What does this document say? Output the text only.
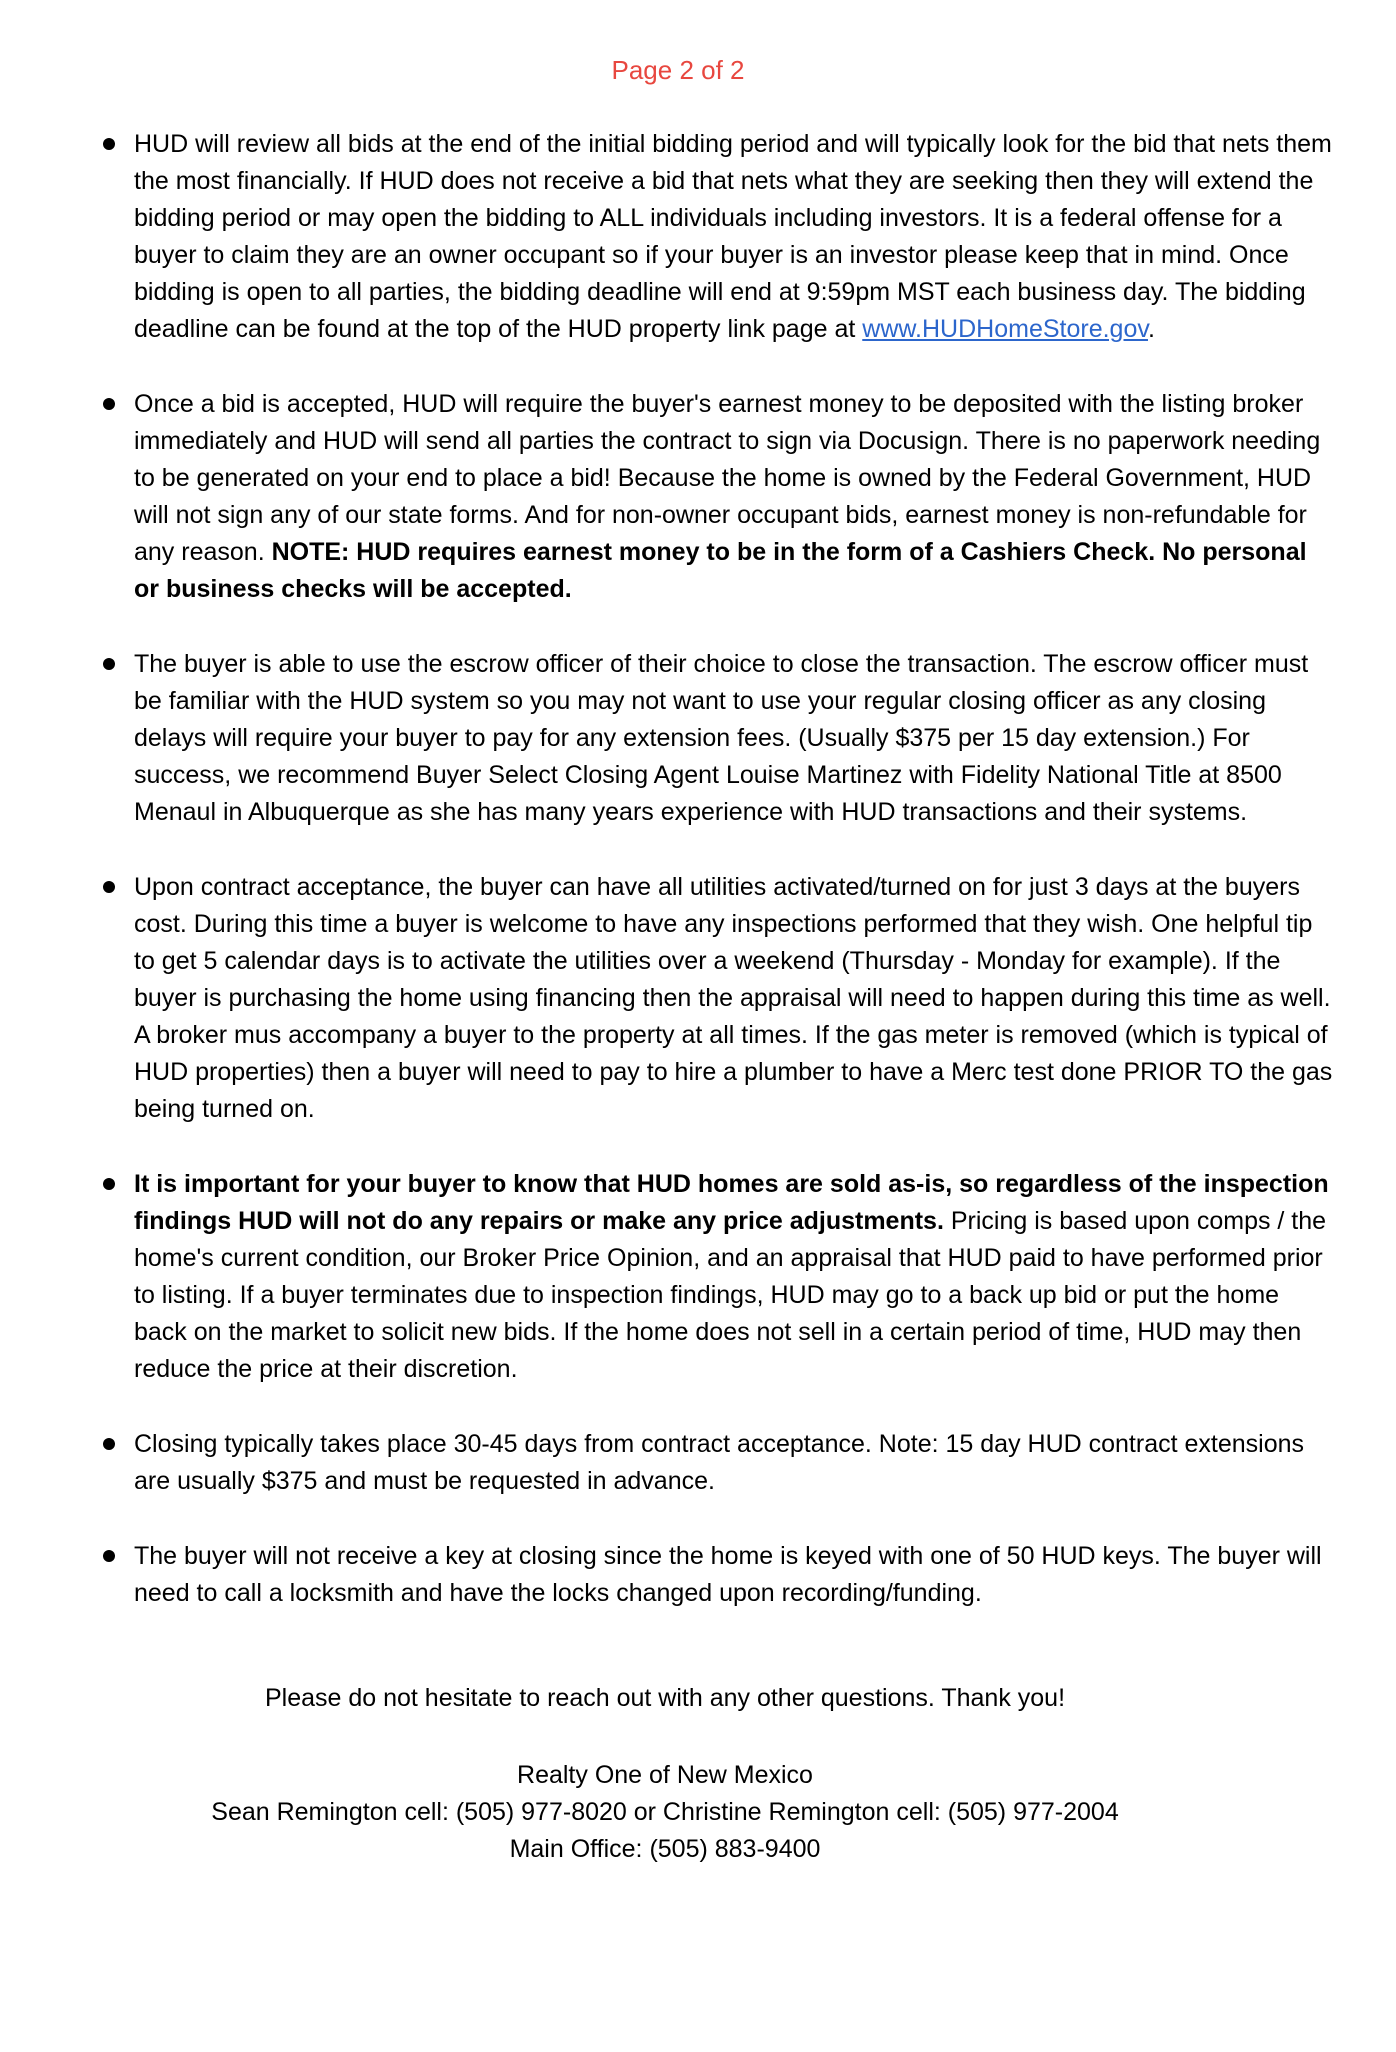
Page 2 of 2
HUD will review all bids at the end of the initial bidding period and will typically look for the bid that nets them the most financially. If HUD does not receive a bid that nets what they are seeking then they will extend the bidding period or may open the bidding to ALL individuals including investors. It is a federal offense for a buyer to claim they are an owner occupant so if your buyer is an investor please keep that in mind. Once bidding is open to all parties, the bidding deadline will end at 9:59pm MST each business day. The bidding deadline can be found at the top of the HUD property link page at www.HUDHomeStore.gov.
Once a bid is accepted, HUD will require the buyer's earnest money to be deposited with the listing broker immediately and HUD will send all parties the contract to sign via Docusign. There is no paperwork needing to be generated on your end to place a bid! Because the home is owned by the Federal Government, HUD will not sign any of our state forms. And for non-owner occupant bids, earnest money is non-refundable for any reason. NOTE: HUD requires earnest money to be in the form of a Cashiers Check. No personal or business checks will be accepted.
The buyer is able to use the escrow officer of their choice to close the transaction. The escrow officer must be familiar with the HUD system so you may not want to use your regular closing officer as any closing delays will require your buyer to pay for any extension fees. (Usually $375 per 15 day extension.) For success, we recommend Buyer Select Closing Agent Louise Martinez with Fidelity National Title at 8500 Menaul in Albuquerque as she has many years experience with HUD transactions and their systems.
Upon contract acceptance, the buyer can have all utilities activated/turned on for just 3 days at the buyers cost. During this time a buyer is welcome to have any inspections performed that they wish. One helpful tip to get 5 calendar days is to activate the utilities over a weekend (Thursday - Monday for example). If the buyer is purchasing the home using financing then the appraisal will need to happen during this time as well. A broker mus accompany a buyer to the property at all times. If the gas meter is removed (which is typical of HUD properties) then a buyer will need to pay to hire a plumber to have a Merc test done PRIOR TO the gas being turned on.
It is important for your buyer to know that HUD homes are sold as-is, so regardless of the inspection findings HUD will not do any repairs or make any price adjustments. Pricing is based upon comps / the home's current condition, our Broker Price Opinion, and an appraisal that HUD paid to have performed prior to listing. If a buyer terminates due to inspection findings, HUD may go to a back up bid or put the home back on the market to solicit new bids. If the home does not sell in a certain period of time, HUD may then reduce the price at their discretion.
Closing typically takes place 30-45 days from contract acceptance. Note: 15 day HUD contract extensions are usually $375 and must be requested in advance.
The buyer will not receive a key at closing since the home is keyed with one of 50 HUD keys. The buyer will need to call a locksmith and have the locks changed upon recording/funding.

Please do not hesitate to reach out with any other questions. Thank you!

Realty One of New Mexico

Sean Remington cell: (505) 977-8020 or Christine Remington cell: (505) 977-2004

Main Office: (505) 883-9400
